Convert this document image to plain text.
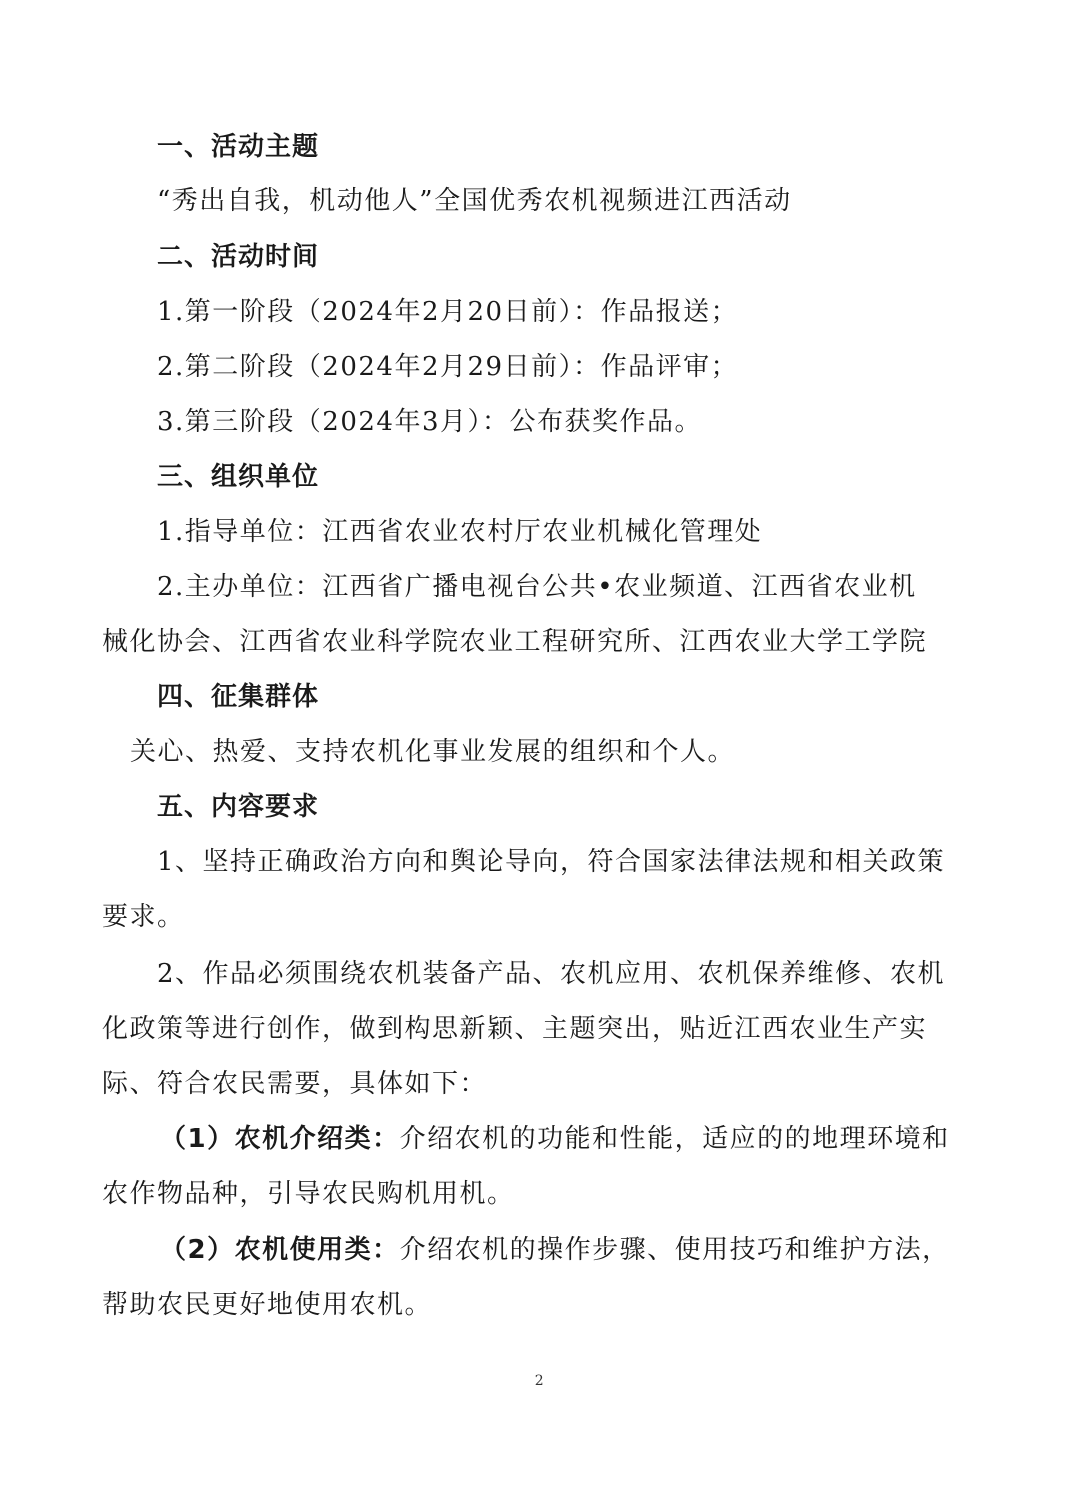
一、活动主题
“秀出自我，机动他人”全国优秀农机视频进江西活动
二、活动时间
1.第一阶段（2024年2月20日前）：作品报送；
2.第二阶段（2024年2月29日前）：作品评审；
3.第三阶段（2024年3月）：公布获奖作品。
三、组织单位
1.指导单位：江西省农业农村厅农业机械化管理处
2.主办单位：江西省广播电视台公共•农业频道、江西省农业机
械化协会、江西省农业科学院农业工程研究所、江西农业大学工学院
四、征集群体
关心、热爱、支持农机化事业发展的组织和个人。
五、内容要求
1、坚持正确政治方向和舆论导向，符合国家法律法规和相关政策
要求。
2、作品必须围绕农机装备产品、农机应用、农机保养维修、农机
化政策等进行创作，做到构思新颖、主题突出，贴近江西农业生产实
际、符合农民需要，具体如下：
（1）农机介绍类：介绍农机的功能和性能，适应的的地理环境和
农作物品种，引导农民购机用机。
（2）农机使用类：介绍农机的操作步骤、使用技巧和维护方法，
帮助农民更好地使用农机。
2
